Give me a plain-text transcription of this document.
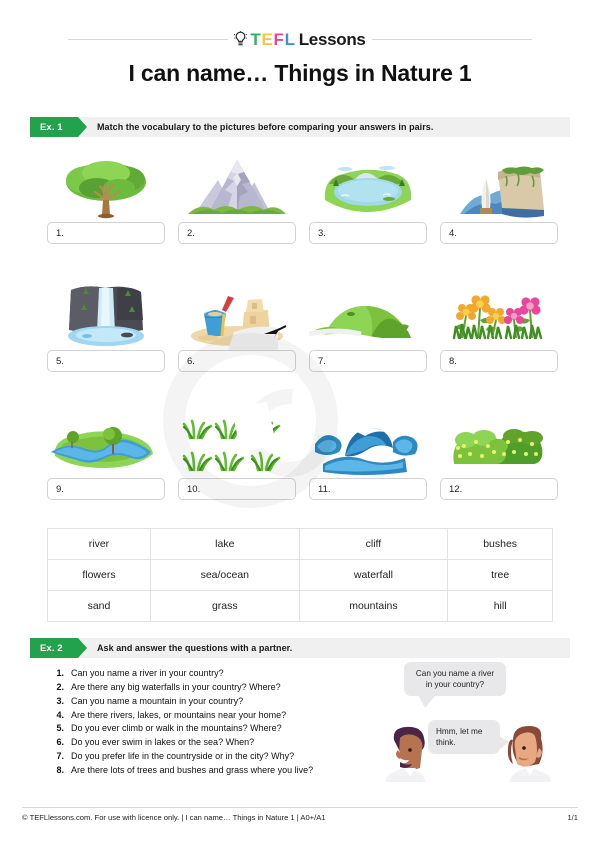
T E F L Lessons
I can name… Things in Nature 1
Ex. 1	Match the vocabulary to the pictures before comparing your answers in pairs.
1.	2.	3.	4.
5.	6.	7.	8.
9.	10.	11.	12.
river	lake	cliff	bushes
flowers	sea/ocean	waterfall	tree
sand	grass	mountains	hill
Ex. 2	Ask and answer the questions with a partner.
1. Can you name a river in your country?
2. Are there any big waterfalls in your country? Where?
3. Can you name a mountain in your country?
4. Are there rivers, lakes, or mountains near your home?
5. Do you ever climb or walk in the mountains? Where?
6. Do you ever swim in lakes or the sea? When?
7. Do you prefer life in the countryside or in the city? Why?
8. Are there lots of trees and bushes and grass where you live?
Can you name a river in your country?
Hmm, let me think.
© TEFLlessons.com. For use with licence only. | I can name… Things in Nature 1 | A0+/A1	1/1
